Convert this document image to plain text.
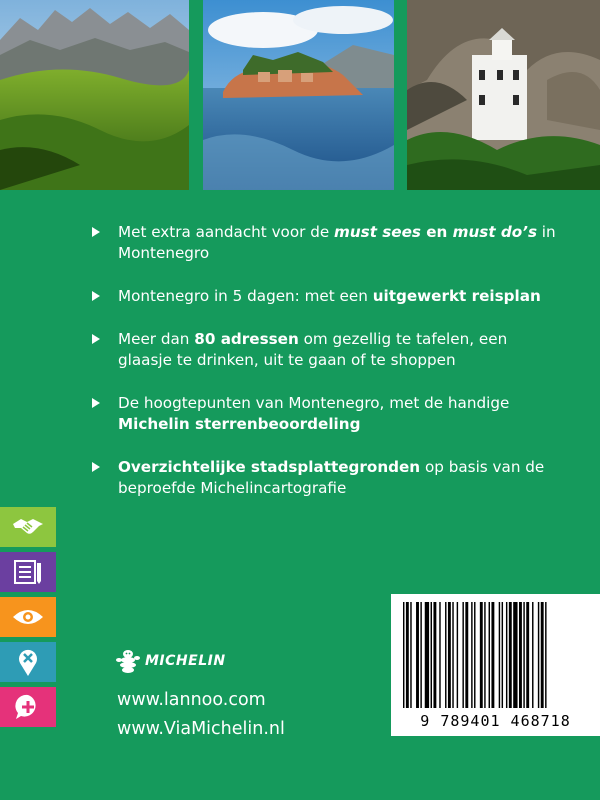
Met extra aandacht voor de must sees en must do’s in Montenegro
Montenegro in 5 dagen: met een uitgewerkt reisplan
Meer dan 80 adressen om gezellig te tafelen, een glaasje te drinken, uit te gaan of te shoppen
De hoogtepunten van Montenegro, met de handige Michelin sterrenbeoordeling
Overzichtelijke stadsplattegronden op basis van de beproefde Michelincartografie
MICHELIN
www.lannoo.com
www.ViaMichelin.nl	9 789401 468718
